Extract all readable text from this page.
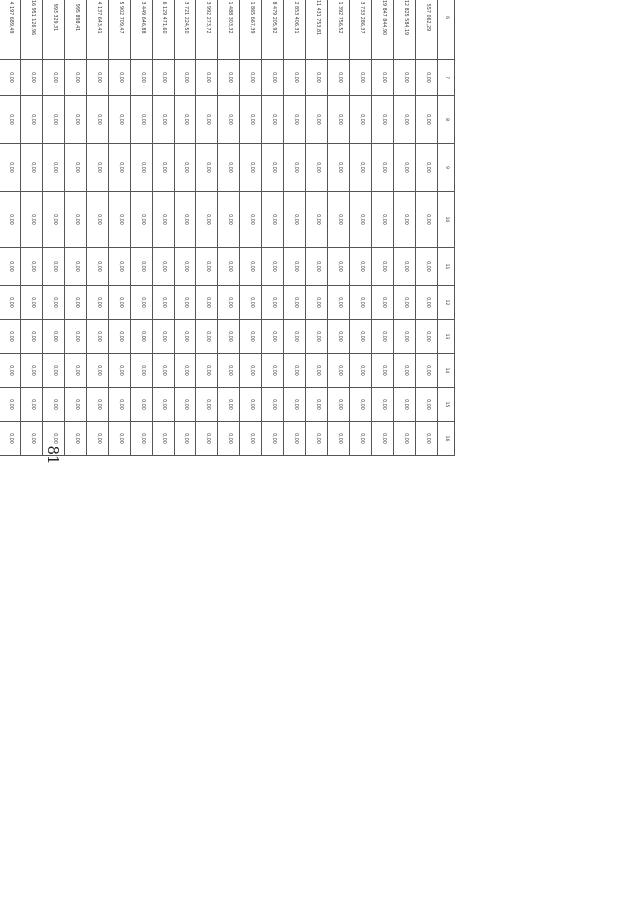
81
					6	7	8	9	10	11	12	13	14	15	16
					557 062,29	0,00	0,00	0,00	0,00	0,00	0,00	0,00	0,00	0,00	0,00
					12 825 584,19	0,00	0,00	0,00	0,00	0,00	0,00	0,00	0,00	0,00	0,00
					19 847 844,90	0,00	0,00	0,00	0,00	0,00	0,00	0,00	0,00	0,00	0,00
					3 733 286,37	0,00	0,00	0,00	0,00	0,00	0,00	0,00	0,00	0,00	0,00
					1 392 756,52	0,00	0,00	0,00	0,00	0,00	0,00	0,00	0,00	0,00	0,00
					11 431 753,81	0,00	0,00	0,00	0,00	0,00	0,00	0,00	0,00	0,00	0,00
					2 853 406,31	0,00	0,00	0,00	0,00	0,00	0,00	0,00	0,00	0,00	0,00
					8 479 205,92	0,00	0,00	0,00	0,00	0,00	0,00	0,00	0,00	0,00	0,00
					1 865 667,39	0,00	0,00	0,00	0,00	0,00	0,00	0,00	0,00	0,00	0,00
					1 488 303,32	0,00	0,00	0,00	0,00	0,00	0,00	0,00	0,00	0,00	0,00
					3 992 273,72	0,00	0,00	0,00	0,00	0,00	0,00	0,00	0,00	0,00	0,00
					3 721 224,50	0,00	0,00	0,00	0,00	0,00	0,00	0,00	0,00	0,00	0,00
					6 129 471,60	0,00	0,00	0,00	0,00	0,00	0,00	0,00	0,00	0,00	0,00
					3 449 646,88	0,00	0,00	0,00	0,00	0,00	0,00	0,00	0,00	0,00	0,00
					5 902 709,47	0,00	0,00	0,00	0,00	0,00	0,00	0,00	0,00	0,00	0,00
					4 137 643,41	0,00	0,00	0,00	0,00	0,00	0,00	0,00	0,00	0,00	0,00
					995 898,41	0,00	0,00	0,00	0,00	0,00	0,00	0,00	0,00	0,00	0,00
					993 329,31	0,00	0,00	0,00	0,00	0,00	0,00	0,00	0,00	0,00	0,00
					16 951 126,96	0,00	0,00	0,00	0,00	0,00	0,00	0,00	0,00	0,00	0,00
					4 197 689,49	0,00	0,00	0,00	0,00	0,00	0,00	0,00	0,00	0,00	0,00
